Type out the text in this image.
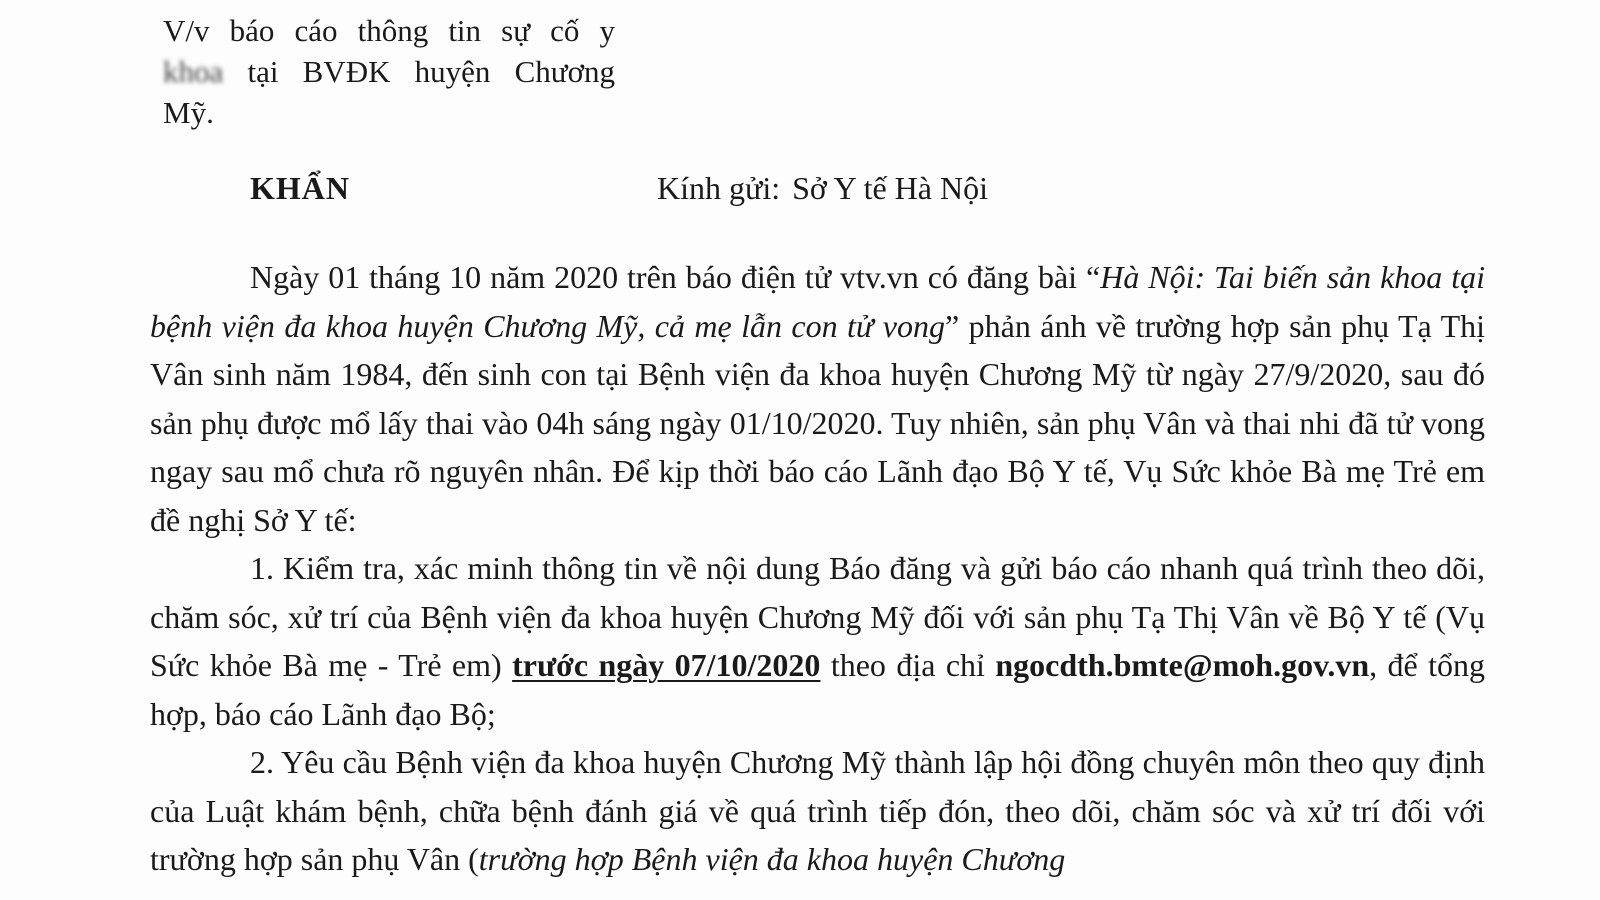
V/v báo cáo thông tin sự cố y
khoa tại BVĐK huyện Chương
Mỹ.
KHẨN	Kính gửi: Sở Y tế Hà Nội

Ngày 01 tháng 10 năm 2020 trên báo điện tử vtv.vn có đăng bài “Hà Nội: Tai biến sản khoa tại bệnh viện đa khoa huyện Chương Mỹ, cả mẹ lẫn con tử vong” phản ánh về trường hợp sản phụ Tạ Thị Vân sinh năm 1984, đến sinh con tại Bệnh viện đa khoa huyện Chương Mỹ từ ngày 27/9/2020, sau đó sản phụ được mổ lấy thai vào 04h sáng ngày 01/10/2020. Tuy nhiên, sản phụ Vân và thai nhi đã tử vong ngay sau mổ chưa rõ nguyên nhân. Để kịp thời báo cáo Lãnh đạo Bộ Y tế, Vụ Sức khỏe Bà mẹ Trẻ em đề nghị Sở Y tế:

1. Kiểm tra, xác minh thông tin về nội dung Báo đăng và gửi báo cáo nhanh quá trình theo dõi, chăm sóc, xử trí của Bệnh viện đa khoa huyện Chương Mỹ đối với sản phụ Tạ Thị Vân về Bộ Y tế (Vụ Sức khỏe Bà mẹ - Trẻ em) trước ngày 07/10/2020 theo địa chỉ ngocdth.bmte@moh.gov.vn, để tổng hợp, báo cáo Lãnh đạo Bộ;

2. Yêu cầu Bệnh viện đa khoa huyện Chương Mỹ thành lập hội đồng chuyên môn theo quy định của Luật khám bệnh, chữa bệnh đánh giá về quá trình tiếp đón, theo dõi, chăm sóc và xử trí đối với trường hợp sản phụ Vân (trường hợp Bệnh viện đa khoa huyện Chương
